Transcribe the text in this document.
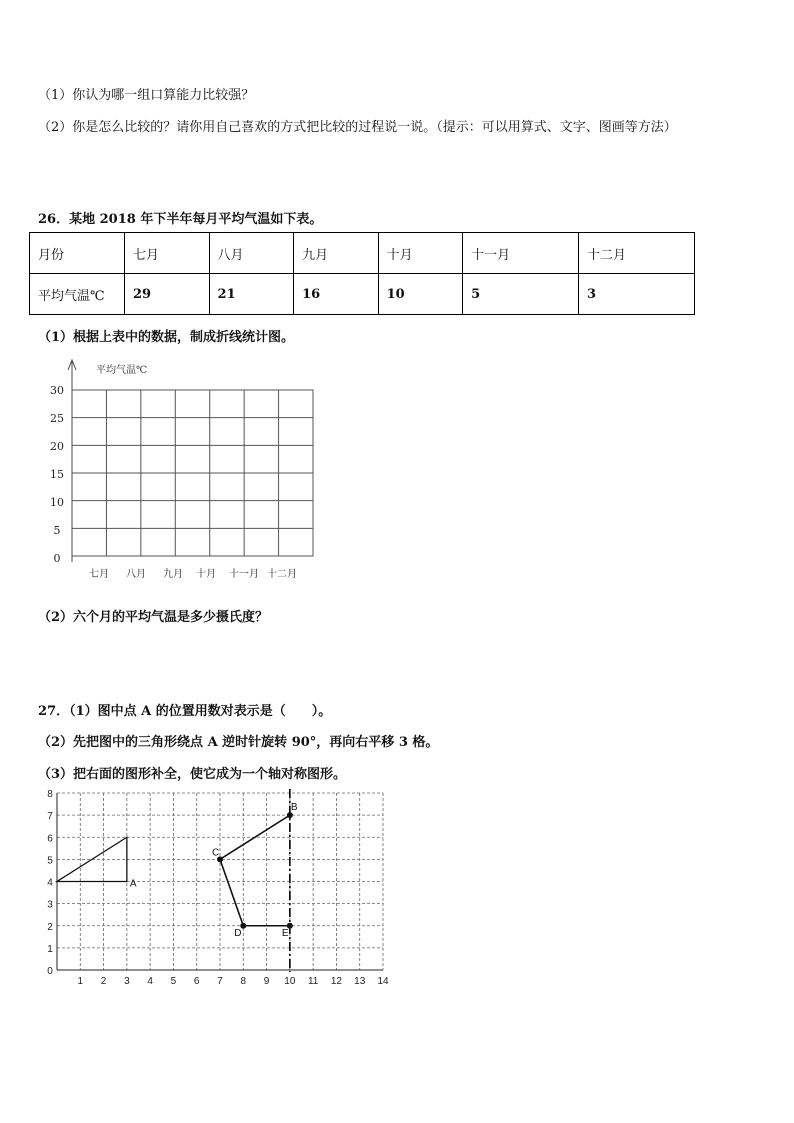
（1）你认为哪一组口算能力比较强？
（2）你是怎么比较的？请你用自己喜欢的方式把比较的过程说一说。（提示：可以用算式、文字、图画等方法）
26．某地 2018 年下半年每月平均气温如下表。
月份	七月	八月	九月	十月	十一月	十二月
平均气温℃	29	21	16	10	5	3
（1）根据上表中的数据，制成折线统计图。
平均气温℃
0
5
10
15
20
25
30
七月 八月 九月 十月 十一月 十二月
（2）六个月的平均气温是多少摄氏度？
27．（1）图中点 A 的位置用数对表示是（　　）。
（2）先把图中的三角形绕点 A 逆时针旋转 90°，再向右平移 3 格。
（3）把右面的图形补全，使它成为一个轴对称图形。
0
1
2
3
4
5
6
7
8
1 2 3 4 5 6 7 8 9 10 11 12 13 14
A
B
C
D	E
